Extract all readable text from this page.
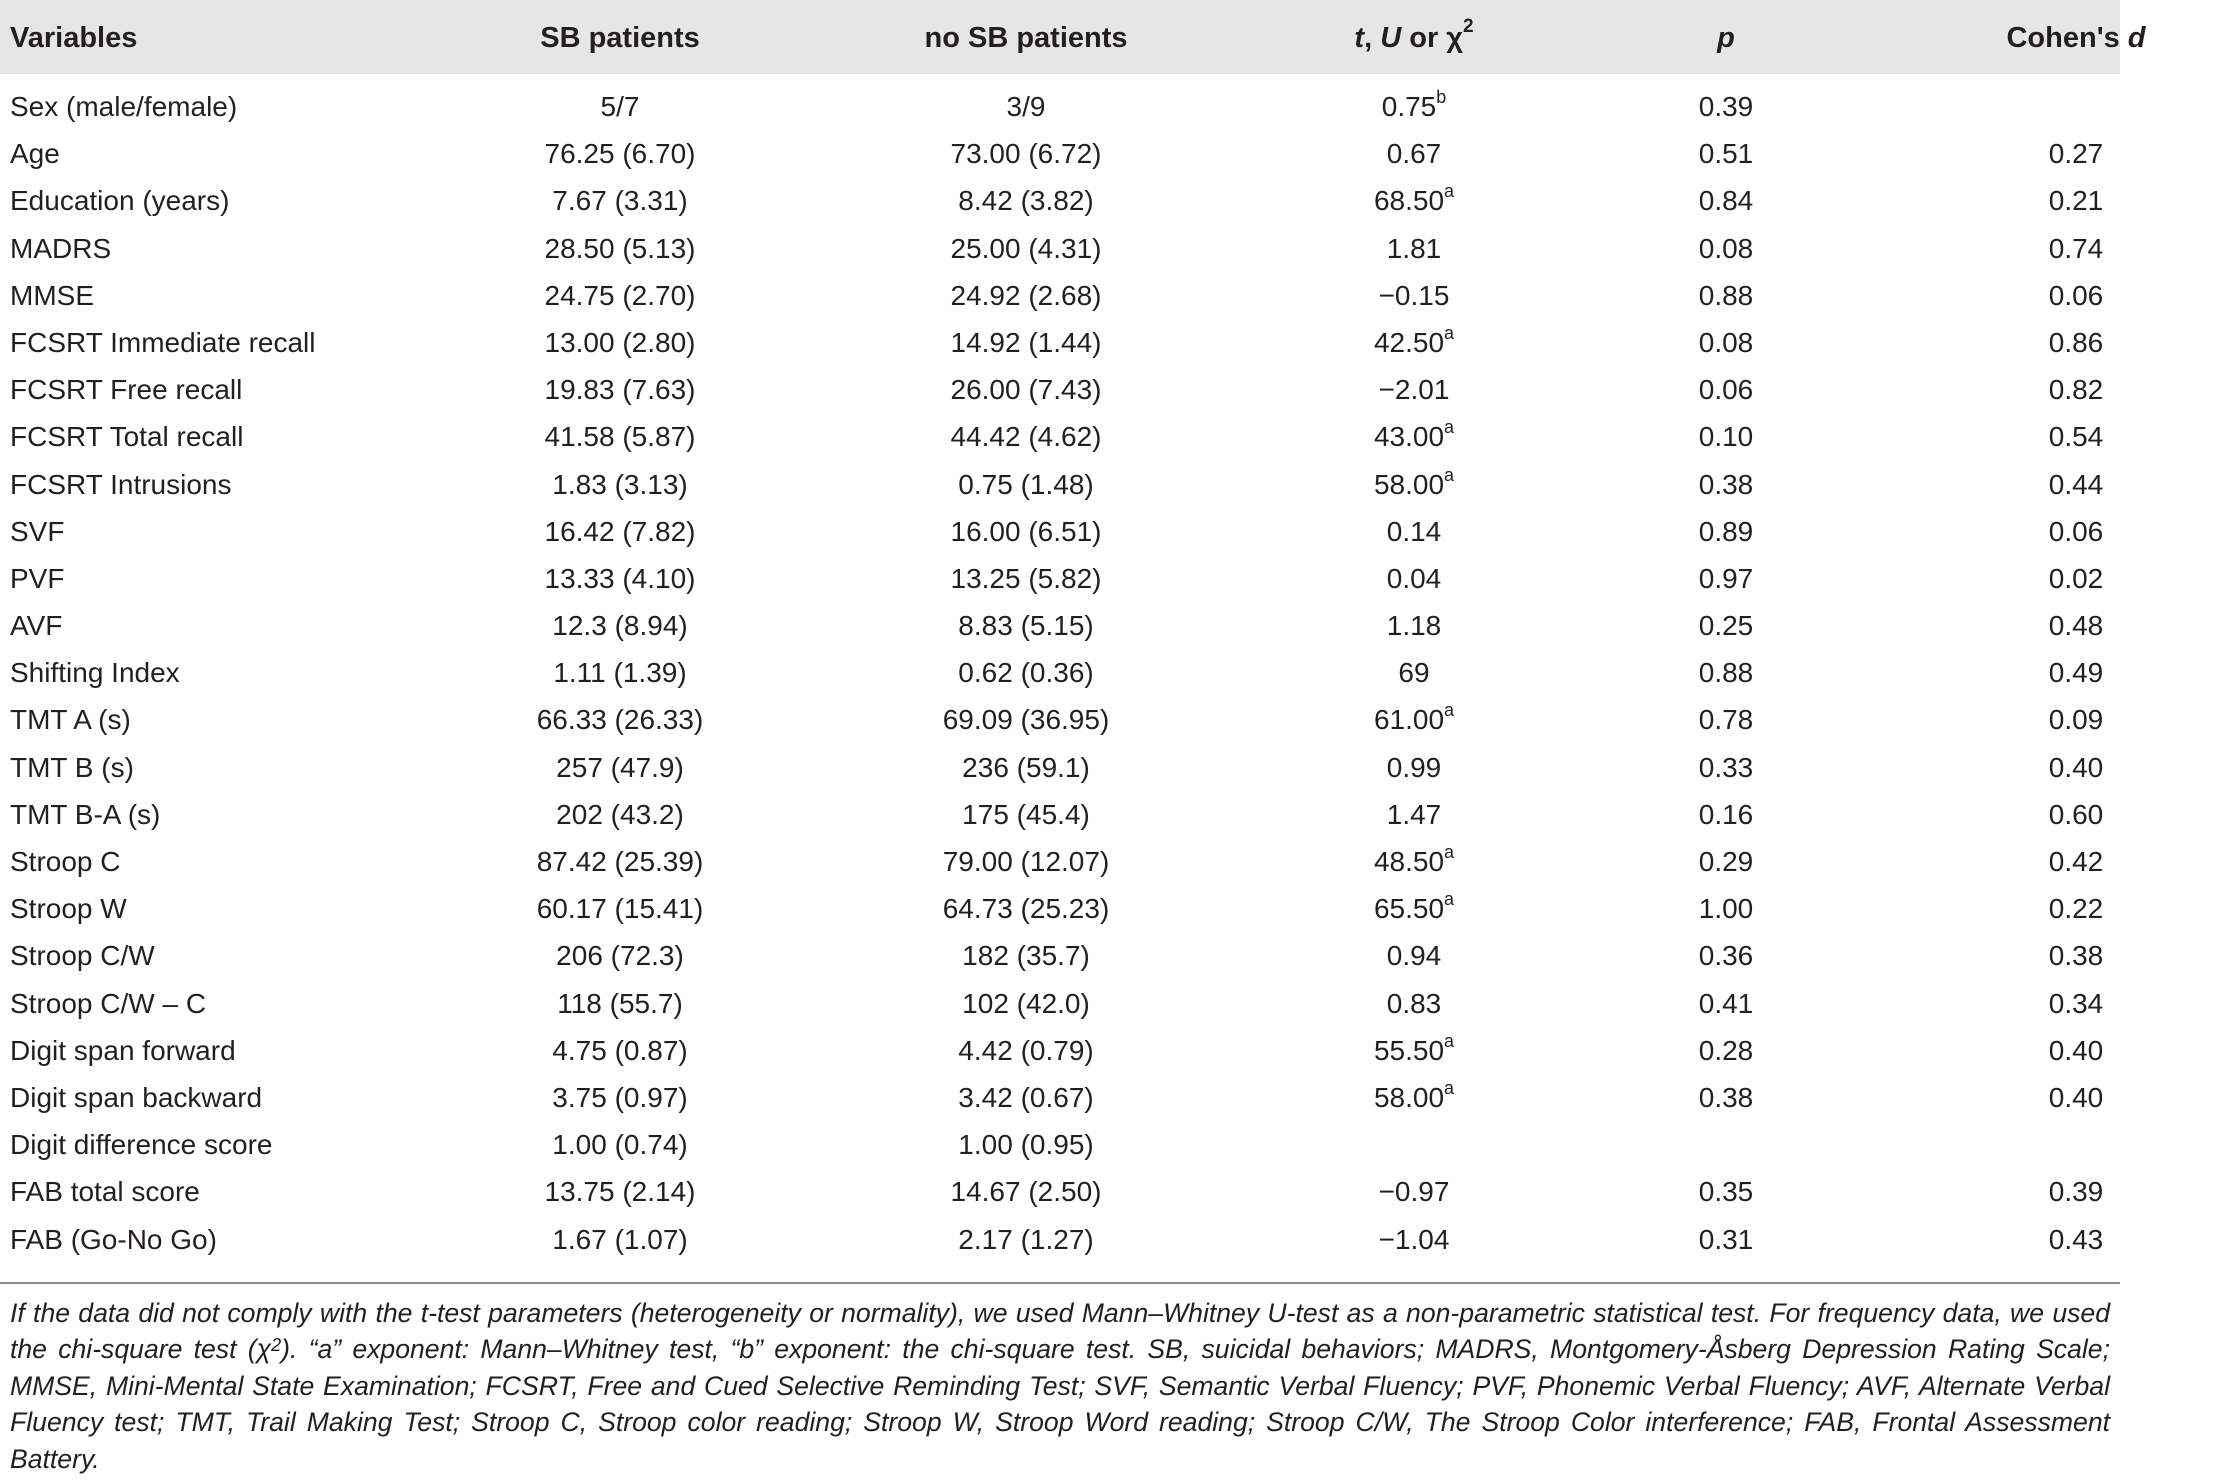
Variables	SB patients	no SB patients	t, U or $\chi^2$	p	Cohen's d
Sex (male/female)	5/7	3/9	0.75$^b$	0.39
Age	76.25 (6.70)	73.00 (6.72)	0.67	0.51	0.27
Education (years)	7.67 (3.31)	8.42 (3.82)	68.50$^a$	0.84	0.21
MADRS	28.50 (5.13)	25.00 (4.31)	1.81	0.08	0.74
MMSE	24.75 (2.70)	24.92 (2.68)	−0.15	0.88	0.06
FCSRT Immediate recall	13.00 (2.80)	14.92 (1.44)	42.50$^a$	0.08	0.86
FCSRT Free recall	19.83 (7.63)	26.00 (7.43)	−2.01	0.06	0.82
FCSRT Total recall	41.58 (5.87)	44.42 (4.62)	43.00$^a$	0.10	0.54
FCSRT Intrusions	1.83 (3.13)	0.75 (1.48)	58.00$^a$	0.38	0.44
SVF	16.42 (7.82)	16.00 (6.51)	0.14	0.89	0.06
PVF	13.33 (4.10)	13.25 (5.82)	0.04	0.97	0.02
AVF	12.3 (8.94)	8.83 (5.15)	1.18	0.25	0.48
Shifting Index	1.11 (1.39)	0.62 (0.36)	69	0.88	0.49
TMT A (s)	66.33 (26.33)	69.09 (36.95)	61.00$^a$	0.78	0.09
TMT B (s)	257 (47.9)	236 (59.1)	0.99	0.33	0.40
TMT B-A (s)	202 (43.2)	175 (45.4)	1.47	0.16	0.60
Stroop C	87.42 (25.39)	79.00 (12.07)	48.50$^a$	0.29	0.42
Stroop W	60.17 (15.41)	64.73 (25.23)	65.50$^a$	1.00	0.22
Stroop C/W	206 (72.3)	182 (35.7)	0.94	0.36	0.38
Stroop C/W – C	118 (55.7)	102 (42.0)	0.83	0.41	0.34
Digit span forward	4.75 (0.87)	4.42 (0.79)	55.50$^a$	0.28	0.40
Digit span backward	3.75 (0.97)	3.42 (0.67)	58.00$^a$	0.38	0.40
Digit difference score	1.00 (0.74)	1.00 (0.95)
FAB total score	13.75 (2.14)	14.67 (2.50)	−0.97	0.35	0.39
FAB (Go-No Go)	1.67 (1.07)	2.17 (1.27)	−1.04	0.31	0.43
If the data did not comply with the t-test parameters (heterogeneity or normality), we used Mann–Whitney U-test as a non-parametric statistical test. For frequency data, we used the chi-square test $(\chi^2)$. “a” exponent: Mann–Whitney test, “b” exponent: the chi-square test. SB, suicidal behaviors; MADRS, Montgomery-Åsberg Depression Rating Scale; MMSE, Mini-Mental State Examination; FCSRT, Free and Cued Selective Reminding Test; SVF, Semantic Verbal Fluency; PVF, Phonemic Verbal Fluency; AVF, Alternate Verbal Fluency test; TMT, Trail Making Test; Stroop C, Stroop color reading; Stroop W, Stroop Word reading; Stroop C/W, The Stroop Color interference; FAB, Frontal Assessment Battery.
